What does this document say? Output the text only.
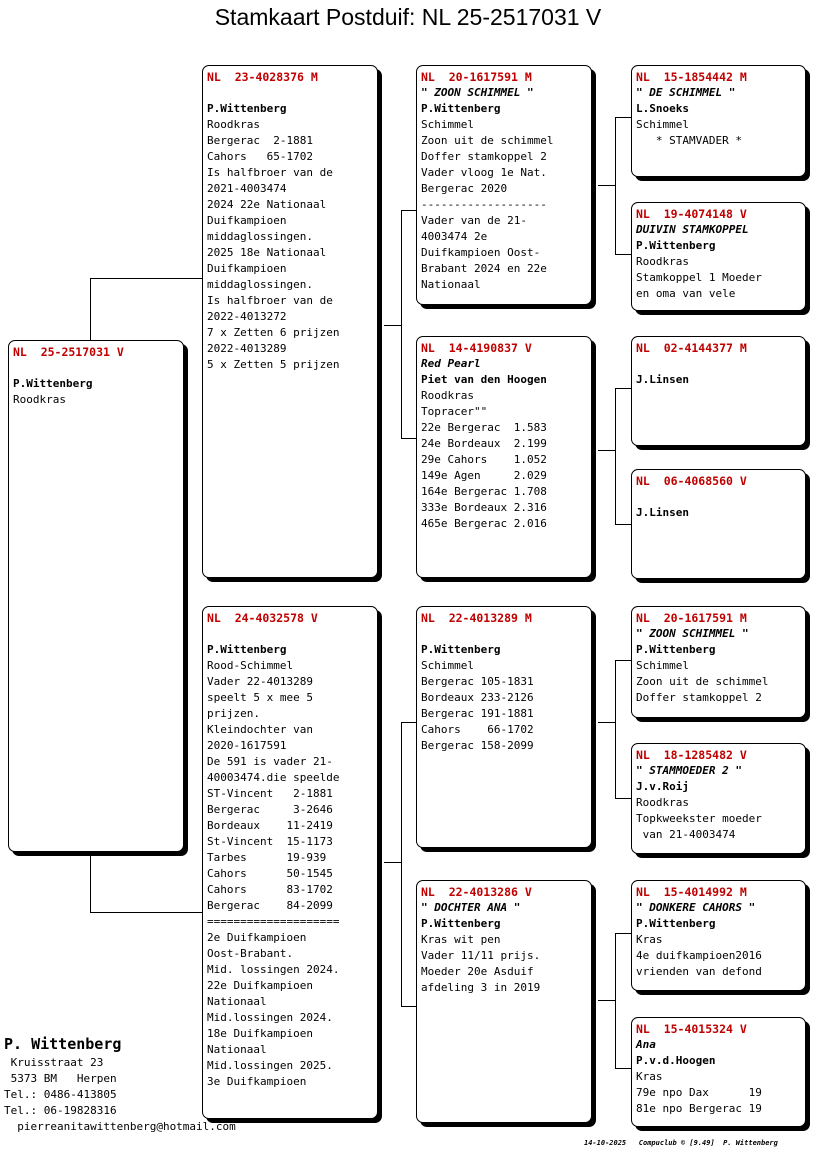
Stamkaart Postduif: NL 25-2517031 V
NL  25-2517031 V
P.Wittenberg
Roodkras
NL  23-4028376 M
P.Wittenberg
Roodkras
Bergerac  2-1881
Cahors   65-1702
Is halfbroer van de
2021-4003474
2024 22e Nationaal
Duifkampioen
middaglossingen.
2025 18e Nationaal
Duifkampioen
middaglossingen.
Is halfbroer van de
2022-4013272
7 x Zetten 6 prijzen
2022-4013289
5 x Zetten 5 prijzen
NL  24-4032578 V
P.Wittenberg
Rood-Schimmel
Vader 22-4013289
speelt 5 x mee 5
prijzen.
Kleindochter van
2020-1617591
De 591 is vader 21-
40003474.die speelde
ST-Vincent   2-1881
Bergerac     3-2646
Bordeaux    11-2419
St-Vincent  15-1173
Tarbes      19-939
Cahors      50-1545
Cahors      83-1702
Bergerac    84-2099
====================
2e Duifkampioen
Oost-Brabant.
Mid. lossingen 2024.
22e Duifkampioen
Nationaal
Mid.lossingen 2024.
18e Duifkampioen
Nationaal
Mid.lossingen 2025.
3e Duifkampioen
NL  20-1617591 M
" ZOON SCHIMMEL "
P.Wittenberg
Schimmel
Zoon uit de schimmel
Doffer stamkoppel 2
Vader vloog 1e Nat.
Bergerac 2020
-------------------
Vader van de 21-
4003474 2e
Duifkampioen Oost-
Brabant 2024 en 22e
Nationaal
NL  14-4190837 V
Red Pearl
Piet van den Hoogen
Roodkras
Topracer""
22e Bergerac  1.583
24e Bordeaux  2.199
29e Cahors    1.052
149e Agen     2.029
164e Bergerac 1.708
333e Bordeaux 2.316
465e Bergerac 2.016
NL  22-4013289 M
P.Wittenberg
Schimmel
Bergerac 105-1831
Bordeaux 233-2126
Bergerac 191-1881
Cahors    66-1702
Bergerac 158-2099
NL  22-4013286 V
" DOCHTER ANA "
P.Wittenberg
Kras wit pen
Vader 11/11 prijs.
Moeder 20e Asduif
afdeling 3 in 2019
NL  15-1854442 M
" DE SCHIMMEL "
L.Snoeks
Schimmel
* STAMVADER *
NL  19-4074148 V
DUIVIN STAMKOPPEL
P.Wittenberg
Roodkras
Stamkoppel 1 Moeder
en oma van vele
NL  02-4144377 M
J.Linsen
NL  06-4068560 V
J.Linsen
NL  20-1617591 M
" ZOON SCHIMMEL "
P.Wittenberg
Schimmel
Zoon uit de schimmel
Doffer stamkoppel 2
NL  18-1285482 V
" STAMMOEDER 2 "
J.v.Roij
Roodkras
Topkweekster moeder
van 21-4003474
NL  15-4014992 M
" DONKERE CAHORS "
P.Wittenberg
Kras
4e duifkampioen2016
vrienden van defond
NL  15-4015324 V
Ana
P.v.d.Hoogen
Kras
79e npo Dax      19
81e npo Bergerac 19
P. Wittenberg
Kruisstraat 23
5373 BM   Herpen
Tel.: 0486-413805
Tel.: 06-19828316
pierreanitawittenberg@hotmail.com
14-10-2025   Compuclub © [9.49]  P. Wittenberg
